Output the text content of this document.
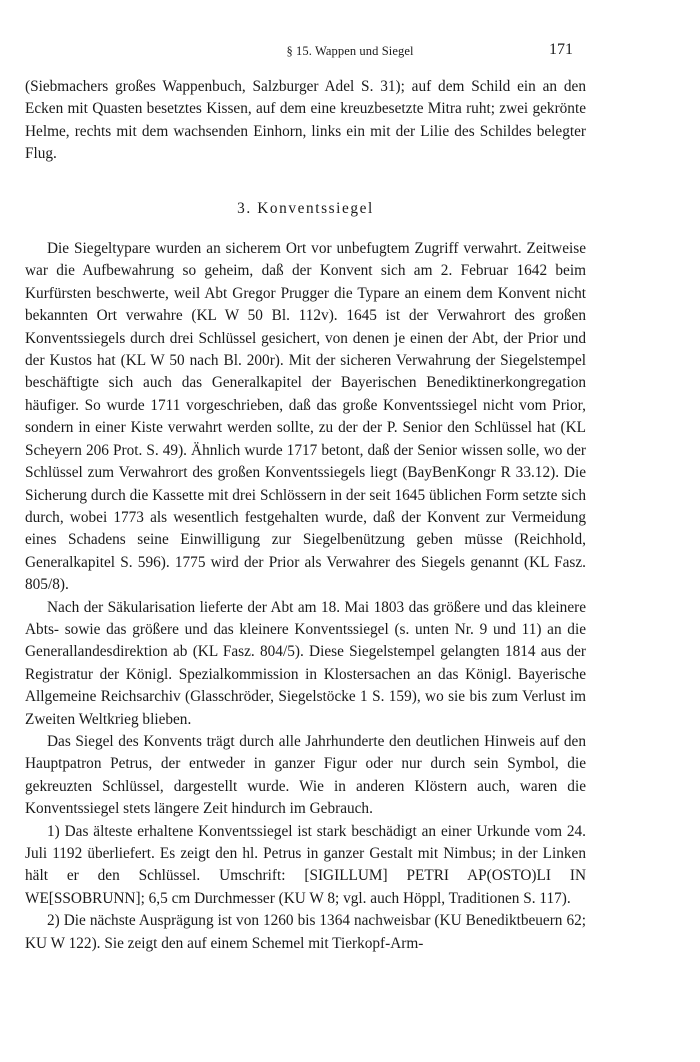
§ 15. Wappen und Siegel	171

(Siebmachers großes Wappenbuch, Salzburger Adel S. 31); auf dem Schild ein an den Ecken mit Quasten besetztes Kissen, auf dem eine kreuzbesetzte Mitra ruht; zwei gekrönte Helme, rechts mit dem wachsenden Einhorn, links ein mit der Lilie des Schildes belegter Flug.

3. Konventssiegel

Die Siegeltypare wurden an sicherem Ort vor unbefugtem Zugriff verwahrt. Zeitweise war die Aufbewahrung so geheim, daß der Konvent sich am 2. Februar 1642 beim Kurfürsten beschwerte, weil Abt Gregor Prugger die Typare an einem dem Konvent nicht bekannten Ort verwahre (KL W 50 Bl. 112v). 1645 ist der Verwahrort des großen Konventssiegels durch drei Schlüssel gesichert, von denen je einen der Abt, der Prior und der Kustos hat (KL W 50 nach Bl. 200r). Mit der sicheren Verwahrung der Siegelstempel beschäftigte sich auch das Generalkapitel der Bayerischen Benediktinerkongregation häufiger. So wurde 1711 vorgeschrieben, daß das große Konventssiegel nicht vom Prior, sondern in einer Kiste verwahrt werden sollte, zu der der P. Senior den Schlüssel hat (KL Scheyern 206 Prot. S. 49). Ähnlich wurde 1717 betont, daß der Senior wissen solle, wo der Schlüssel zum Verwahrort des großen Konventssiegels liegt (BayBenKongr R 33.12). Die Sicherung durch die Kassette mit drei Schlössern in der seit 1645 üblichen Form setzte sich durch, wobei 1773 als wesentlich festgehalten wurde, daß der Konvent zur Vermeidung eines Schadens seine Einwilligung zur Siegelbenützung geben müsse (Reichhold, Generalkapitel S. 596). 1775 wird der Prior als Verwahrer des Siegels genannt (KL Fasz. 805/8).

Nach der Säkularisation lieferte der Abt am 18. Mai 1803 das größere und das kleinere Abts- sowie das größere und das kleinere Konventssiegel (s. unten Nr. 9 und 11) an die Generallandesdirektion ab (KL Fasz. 804/5). Diese Siegelstempel gelangten 1814 aus der Registratur der Königl. Spezialkommission in Klostersachen an das Königl. Bayerische Allgemeine Reichsarchiv (Glasschröder, Siegelstöcke 1 S. 159), wo sie bis zum Verlust im Zweiten Weltkrieg blieben.

Das Siegel des Konvents trägt durch alle Jahrhunderte den deutlichen Hinweis auf den Hauptpatron Petrus, der entweder in ganzer Figur oder nur durch sein Symbol, die gekreuzten Schlüssel, dargestellt wurde. Wie in anderen Klöstern auch, waren die Konventssiegel stets längere Zeit hindurch im Gebrauch.

1) Das älteste erhaltene Konventssiegel ist stark beschädigt an einer Urkunde vom 24. Juli 1192 überliefert. Es zeigt den hl. Petrus in ganzer Gestalt mit Nimbus; in der Linken hält er den Schlüssel. Umschrift: [SIGILLUM] PETRI AP(OSTO)LI IN WE[SSOBRUNN]; 6,5 cm Durchmesser (KU W 8; vgl. auch Höppl, Traditionen S. 117).

2) Die nächste Ausprägung ist von 1260 bis 1364 nachweisbar (KU Benediktbeuern 62; KU W 122). Sie zeigt den auf einem Schemel mit Tierkopf-Arm-
